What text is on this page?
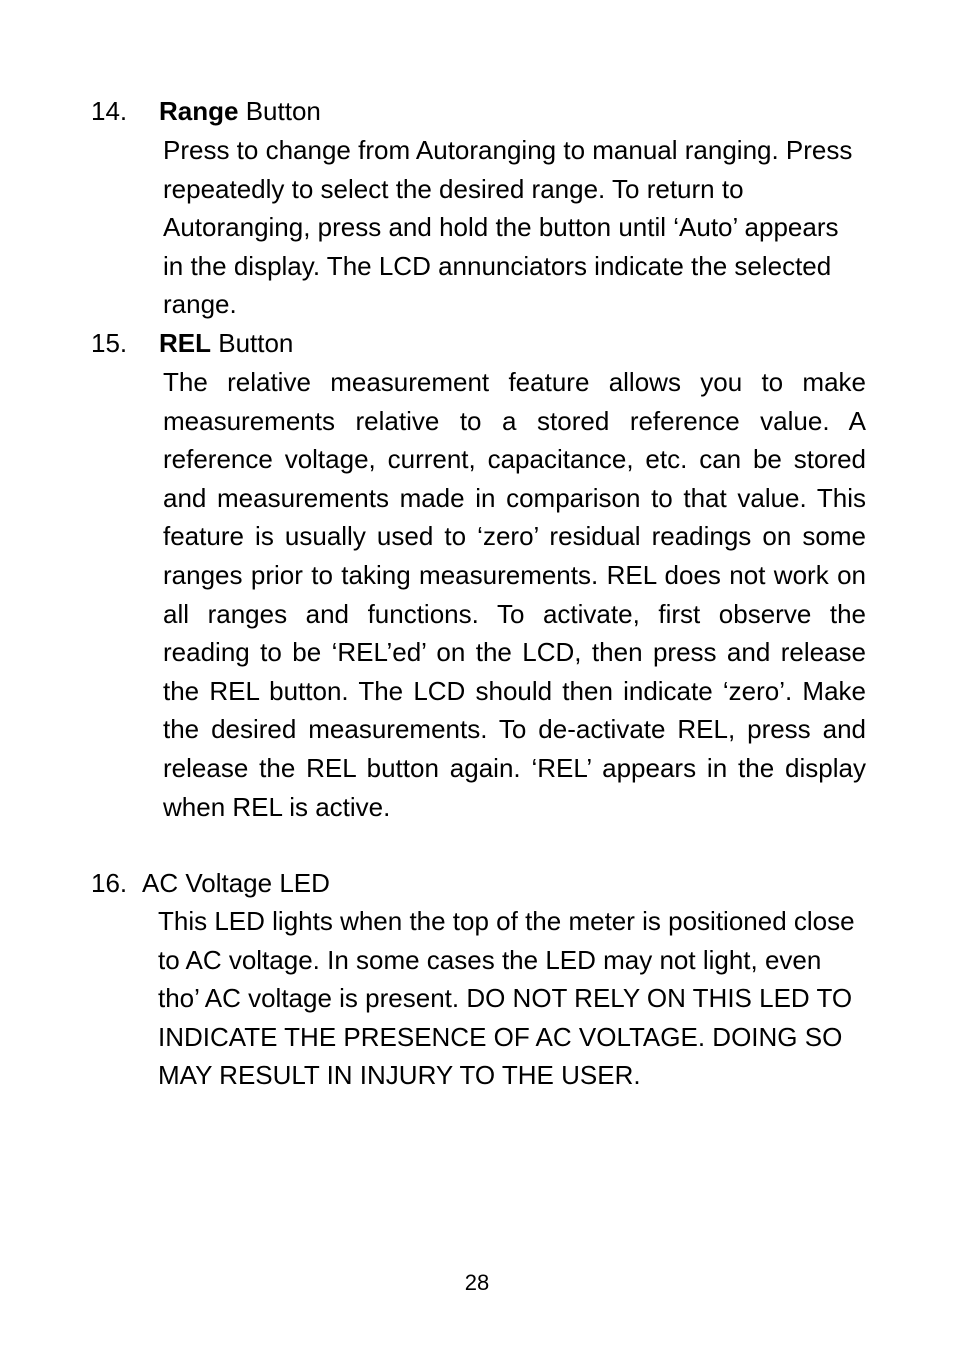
14. Range Button

Press to change from Autoranging to manual ranging. Press repeatedly to select the desired range. To return to Autoranging, press and hold the button until ‘Auto’ appears in the display. The LCD annunciators indicate the selected range.

15. REL Button

The relative measurement feature allows you to make measurements relative to a stored reference value. A reference voltage, current, capacitance, etc. can be stored and measurements made in comparison to that value. This feature is usually used to ‘zero’ residual readings on some ranges prior to taking measurements. REL does not work on all ranges and functions. To activate, first observe the reading to be ‘REL’ed’ on the LCD, then press and release the REL button. The LCD should then indicate ‘zero’. Make the desired measurements. To de-activate REL, press and release the REL button again. ‘REL’ appears in the display when REL is active.

16. AC Voltage LED

This LED lights when the top of the meter is positioned close to AC voltage. In some cases the LED may not light, even tho’ AC voltage is present. DO NOT RELY ON THIS LED TO INDICATE THE PRESENCE OF AC VOLTAGE. DOING SO MAY RESULT IN INJURY TO THE USER.

28
